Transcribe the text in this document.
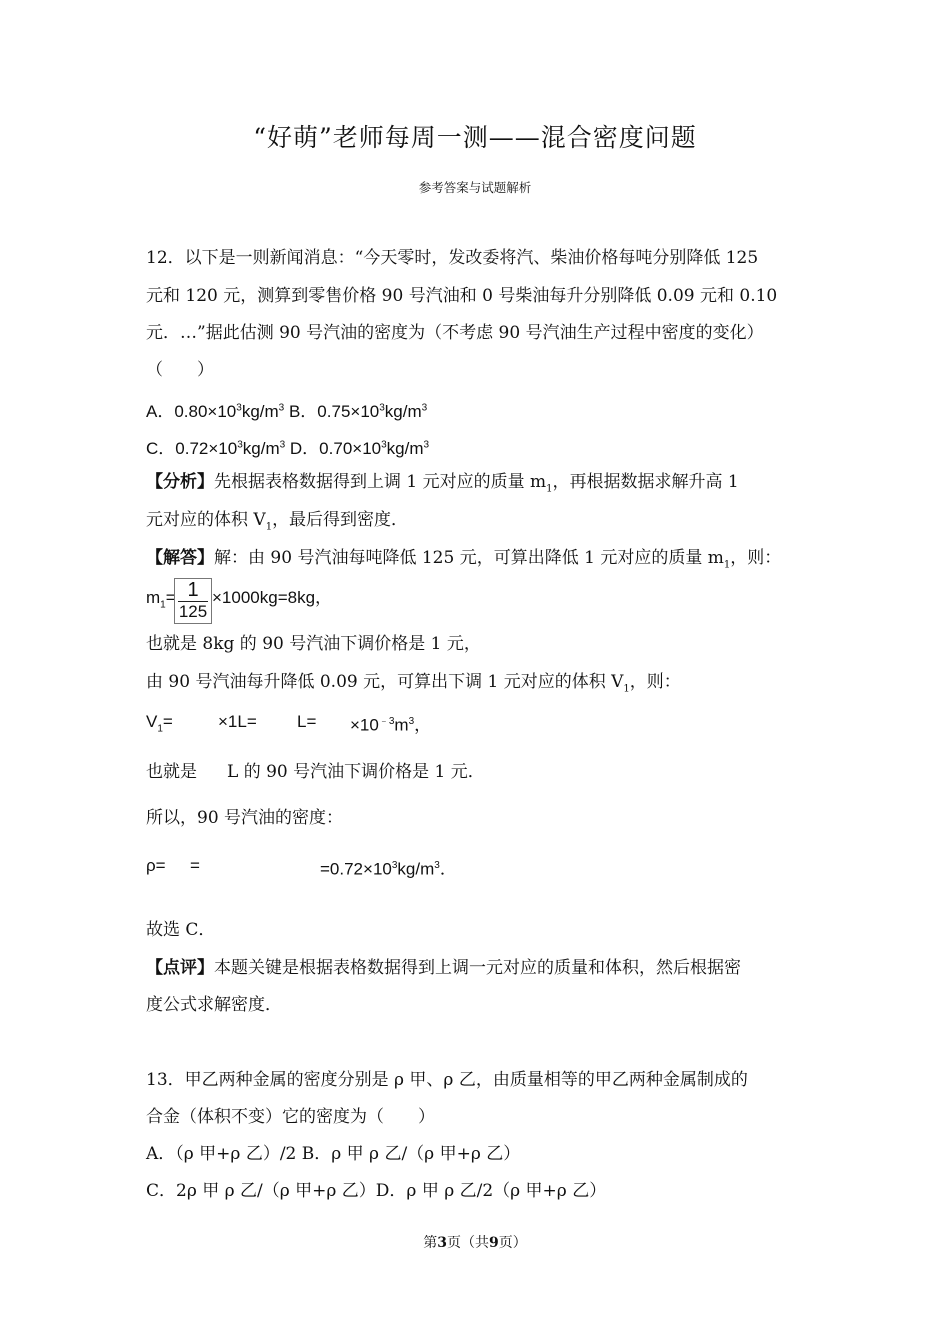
“好萌”老师每周一测——混合密度问题
参考答案与试题解析
12．以下是一则新闻消息：“今天零时，发改委将汽、柴油价格每吨分别降低 125
元和 120 元，测算到零售价格 90 号汽油和 0 号柴油每升分别降低 0.09 元和 0.10
元．…”据此估测 90 号汽油的密度为（不考虑 90 号汽油生产过程中密度的变化）
（　　）
A．$0.80\times 10^3kg/m^3$ B．$0.75\times 10^3kg/m^3$
C．$0.72\times 10^3kg/m^3$ D．$0.70\times 10^3kg/m^3$
【分析】先根据表格数据得到上调 1 元对应的质量 $m_1$，再根据数据求解升高 1
元对应的体积 $V_1$，最后得到密度．
【解答】解：由 90 号汽油每吨降低 125 元，可算出降低 1 元对应的质量 $m_1$，则：
$m_1= 1$
125
×1000kg=8kg，
也就是 8kg 的 90 号汽油下调价格是 1 元，
由 90 号汽油每升降低 0.09 元，可算出下调 1 元对应的体积 $V_1$，则：
$V_1=$	$\times 1L= L= \times 10^{﹣3}m^3$，
也就是 L 的 90 号汽油下调价格是 1 元．
所以，90 号汽油的密度：
ρ= =	$=0.72\times 10^3kg/m^3$．
故选 C．
【点评】本题关键是根据表格数据得到上调一元对应的质量和体积，然后根据密
度公式求解密度．
13．甲乙两种金属的密度分别是 ρ 甲、ρ 乙，由质量相等的甲乙两种金属制成的
合金（体积不变）它的密度为（　　）
A．（ρ 甲+ρ 乙）/2 B．ρ 甲 ρ 乙/（ρ 甲+ρ 乙）
C．2ρ 甲 ρ 乙/（ρ 甲+ρ 乙）D．ρ 甲 ρ 乙/2（ρ 甲+ρ 乙）
第3页（共9页）
